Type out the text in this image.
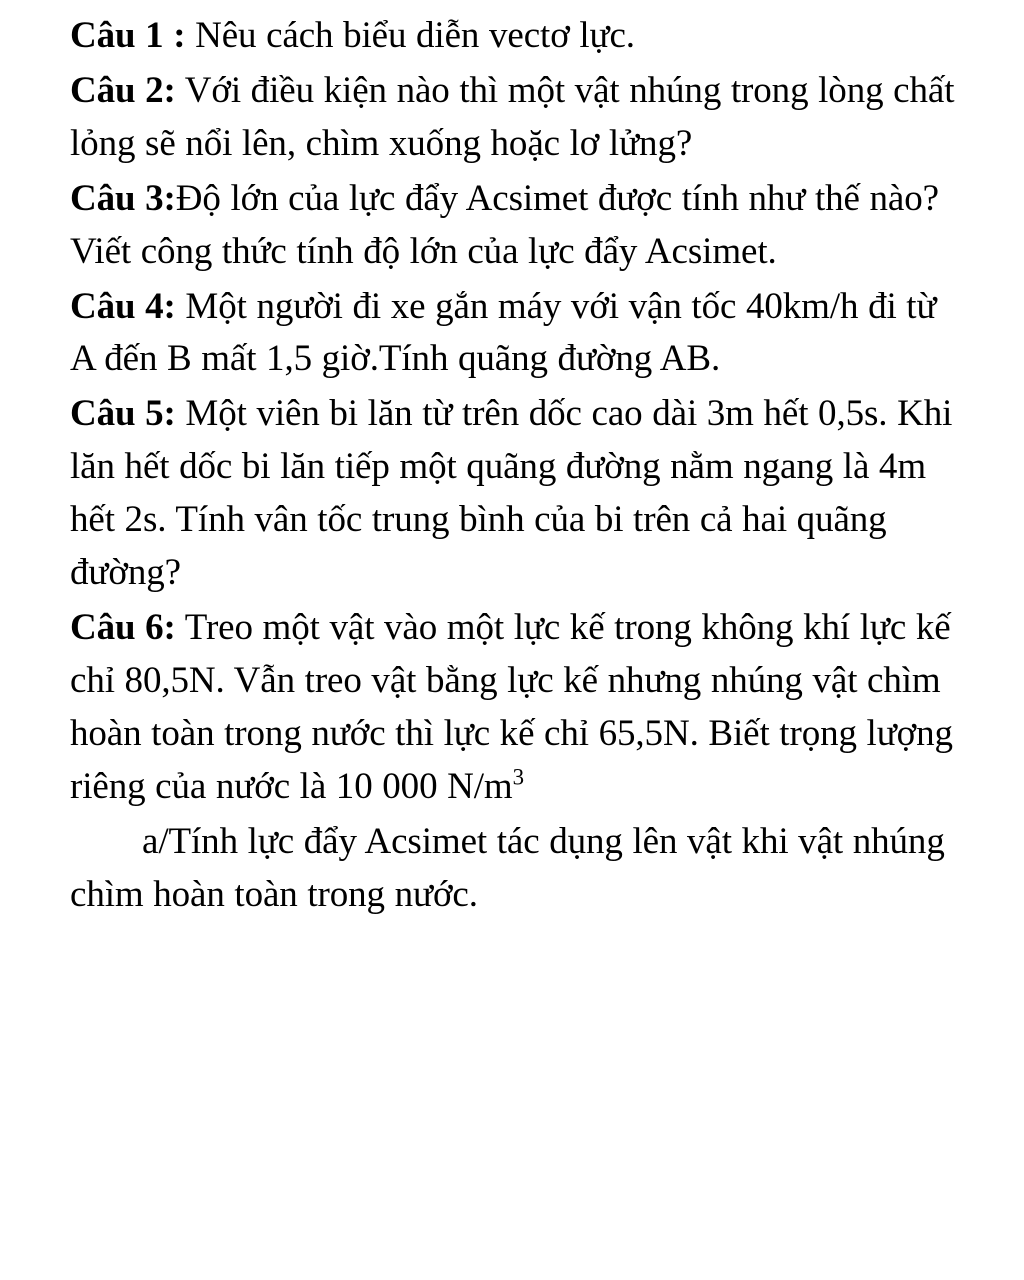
Câu 1 : Nêu cách biểu diễn vectơ lực.

Câu 2: Với điều kiện nào thì một vật nhúng trong lòng chất lỏng sẽ nổi lên, chìm xuống hoặc lơ lửng?

Câu 3:Độ lớn của lực đẩy Acsimet được tính như thế nào? Viết công thức tính độ lớn của lực đẩy Acsimet.

Câu 4: Một người đi xe gắn máy với vận tốc 40km/h đi từ A đến B mất 1,5 giờ.Tính quãng đường AB.

Câu 5: Một viên bi lăn từ trên dốc cao dài 3m hết 0,5s. Khi lăn hết dốc bi lăn tiếp một quãng đường nằm ngang là 4m hết 2s. Tính vân tốc trung bình của bi trên cả hai quãng đường?

Câu 6: Treo một vật vào một lực kế trong không khí lực kế chỉ 80,5N. Vẫn treo vật bằng lực kế nhưng nhúng vật chìm hoàn toàn trong nước thì lực kế chỉ 65,5N. Biết trọng lượng riêng của nước là 10 000 $N/m^3$

a/Tính lực đẩy Acsimet tác dụng lên vật khi vật nhúng chìm hoàn toàn trong nước.
